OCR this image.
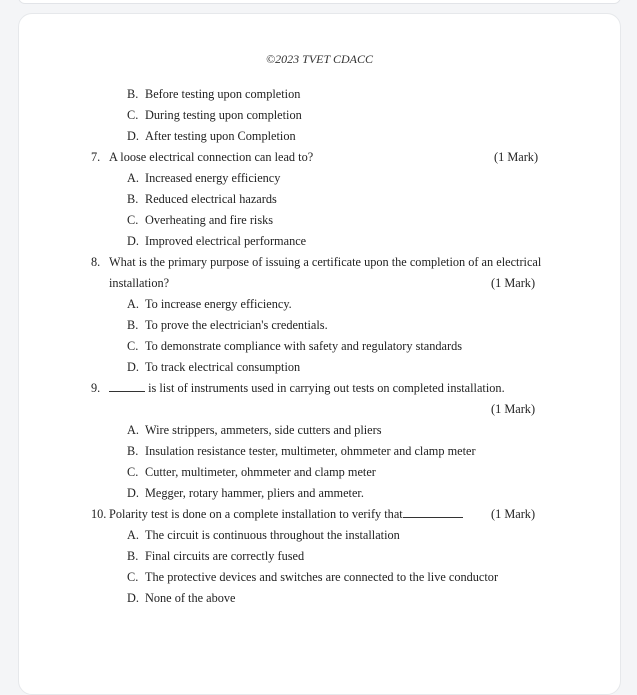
©2023 TVET CDACC
B. Before testing upon completion
C. During testing upon completion
D. After testing upon Completion
7. A loose electrical connection can lead to?	(1 Mark)
A. Increased energy efficiency
B. Reduced electrical hazards
C. Overheating and fire risks
D. Improved electrical performance
8. What is the primary purpose of issuing a certificate upon the completion of an electrical
installation?	(1 Mark)
A. To increase energy efficiency.
B. To prove the electrician's credentials.
C. To demonstrate compliance with safety and regulatory standards
D. To track electrical consumption
9.	is list of instruments used in carrying out tests on completed installation.
(1 Mark)
A. Wire strippers, ammeters, side cutters and pliers
B. Insulation resistance tester, multimeter, ohmmeter and clamp meter
C. Cutter, multimeter, ohmmeter and clamp meter
D. Megger, rotary hammer, pliers and ammeter.
10. Polarity test is done on a complete installation to verify that	(1 Mark)
A. The circuit is continuous throughout the installation
B. Final circuits are correctly fused
C. The protective devices and switches are connected to the live conductor
D. None of the above
